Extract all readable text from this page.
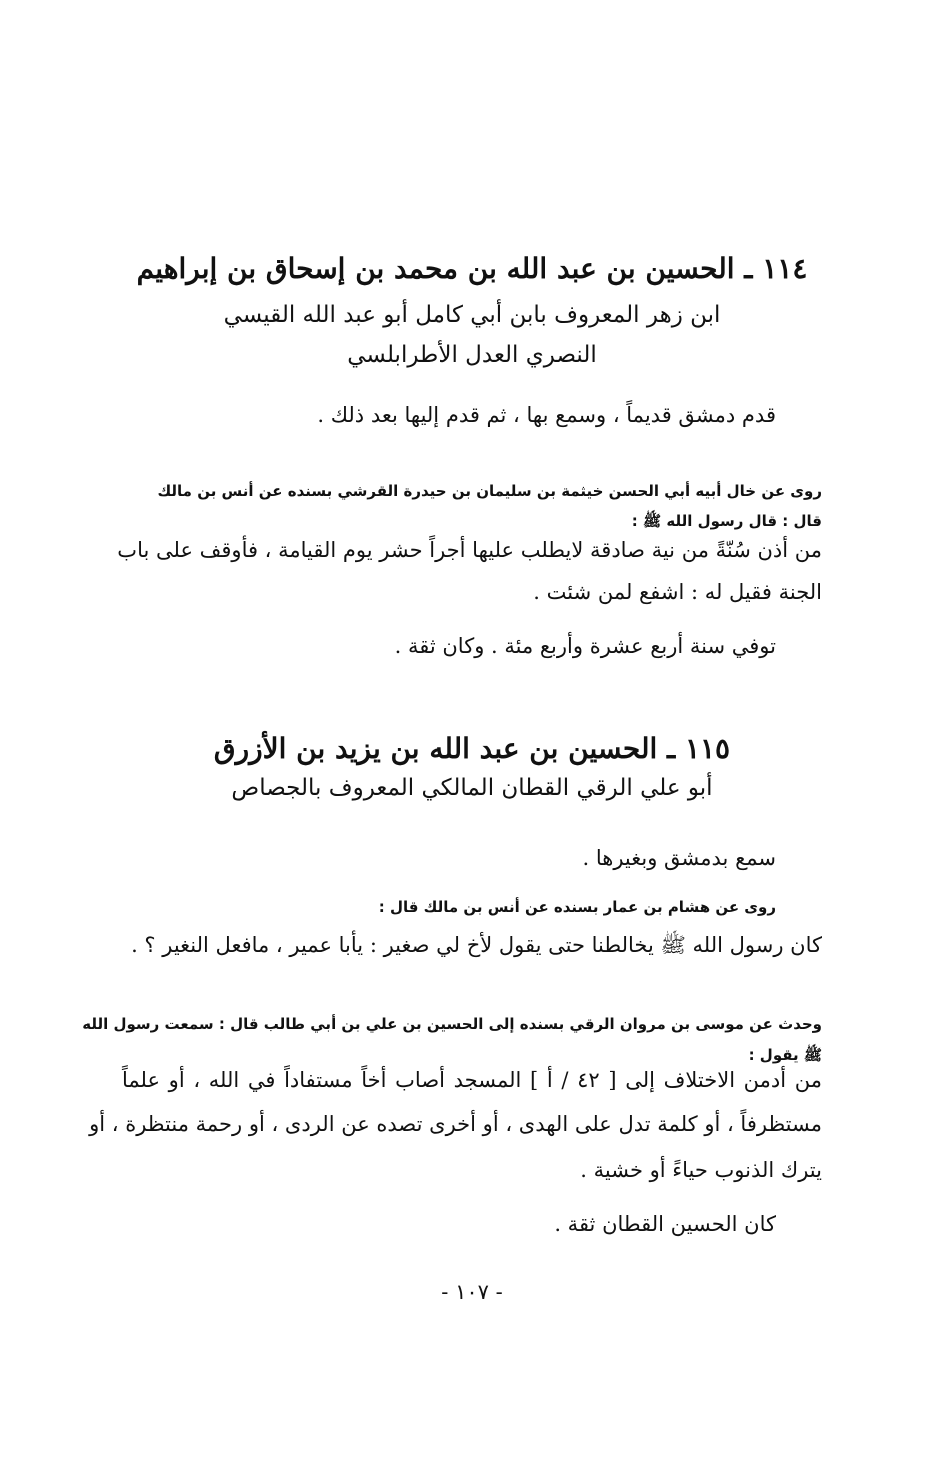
١١٤ ـ الحسين بن عبد الله بن محمد بن إسحاق بن إبراهيم
ابن زهر المعروف بابن أبي كامل أبو عبد الله القيسي
النصري العدل الأطرابلسي
قدم دمشق قديماً ، وسمع بها ، ثم قدم إليها بعد ذلك .
روى عن خال أبيه أبي الحسن خيثمة بن سليمان بن حيدرة القرشي بسنده عن أنس بن مالك
قال : قال رسول الله ﷺ :
من أذن سُنّةً من نية صادقة لايطلب عليها أجراً حشر يوم القيامة ، فأوقف على باب
الجنة فقيل له : اشفع لمن شئت .
توفي سنة أربع عشرة وأربع مئة . وكان ثقة .
١١٥ ـ الحسين بن عبد الله بن يزيد بن الأزرق
أبو علي الرقي القطان المالكي المعروف بالجصاص
سمع بدمشق وبغيرها .
روى عن هشام بن عمار بسنده عن أنس بن مالك قال :
كان رسول الله ﷺ يخالطنا حتى يقول لأخ لي صغير : يأبا عمير ، مافعل النغير ؟ .
وحدث عن موسى بن مروان الرقي بسنده إلى الحسين بن علي بن أبي طالب قال : سمعت رسول الله
ﷺ يقول :
من أدمن الاختلاف إلى [ ٤٢ / أ ] المسجد أصاب أخاً مستفاداً في الله ، أو علماً
مستظرفاً ، أو كلمة تدل على الهدى ، أو أخرى تصده عن الردى ، أو رحمة منتظرة ، أو
يترك الذنوب حياءً أو خشية .
كان الحسين القطان ثقة .
- ١٠٧ -
